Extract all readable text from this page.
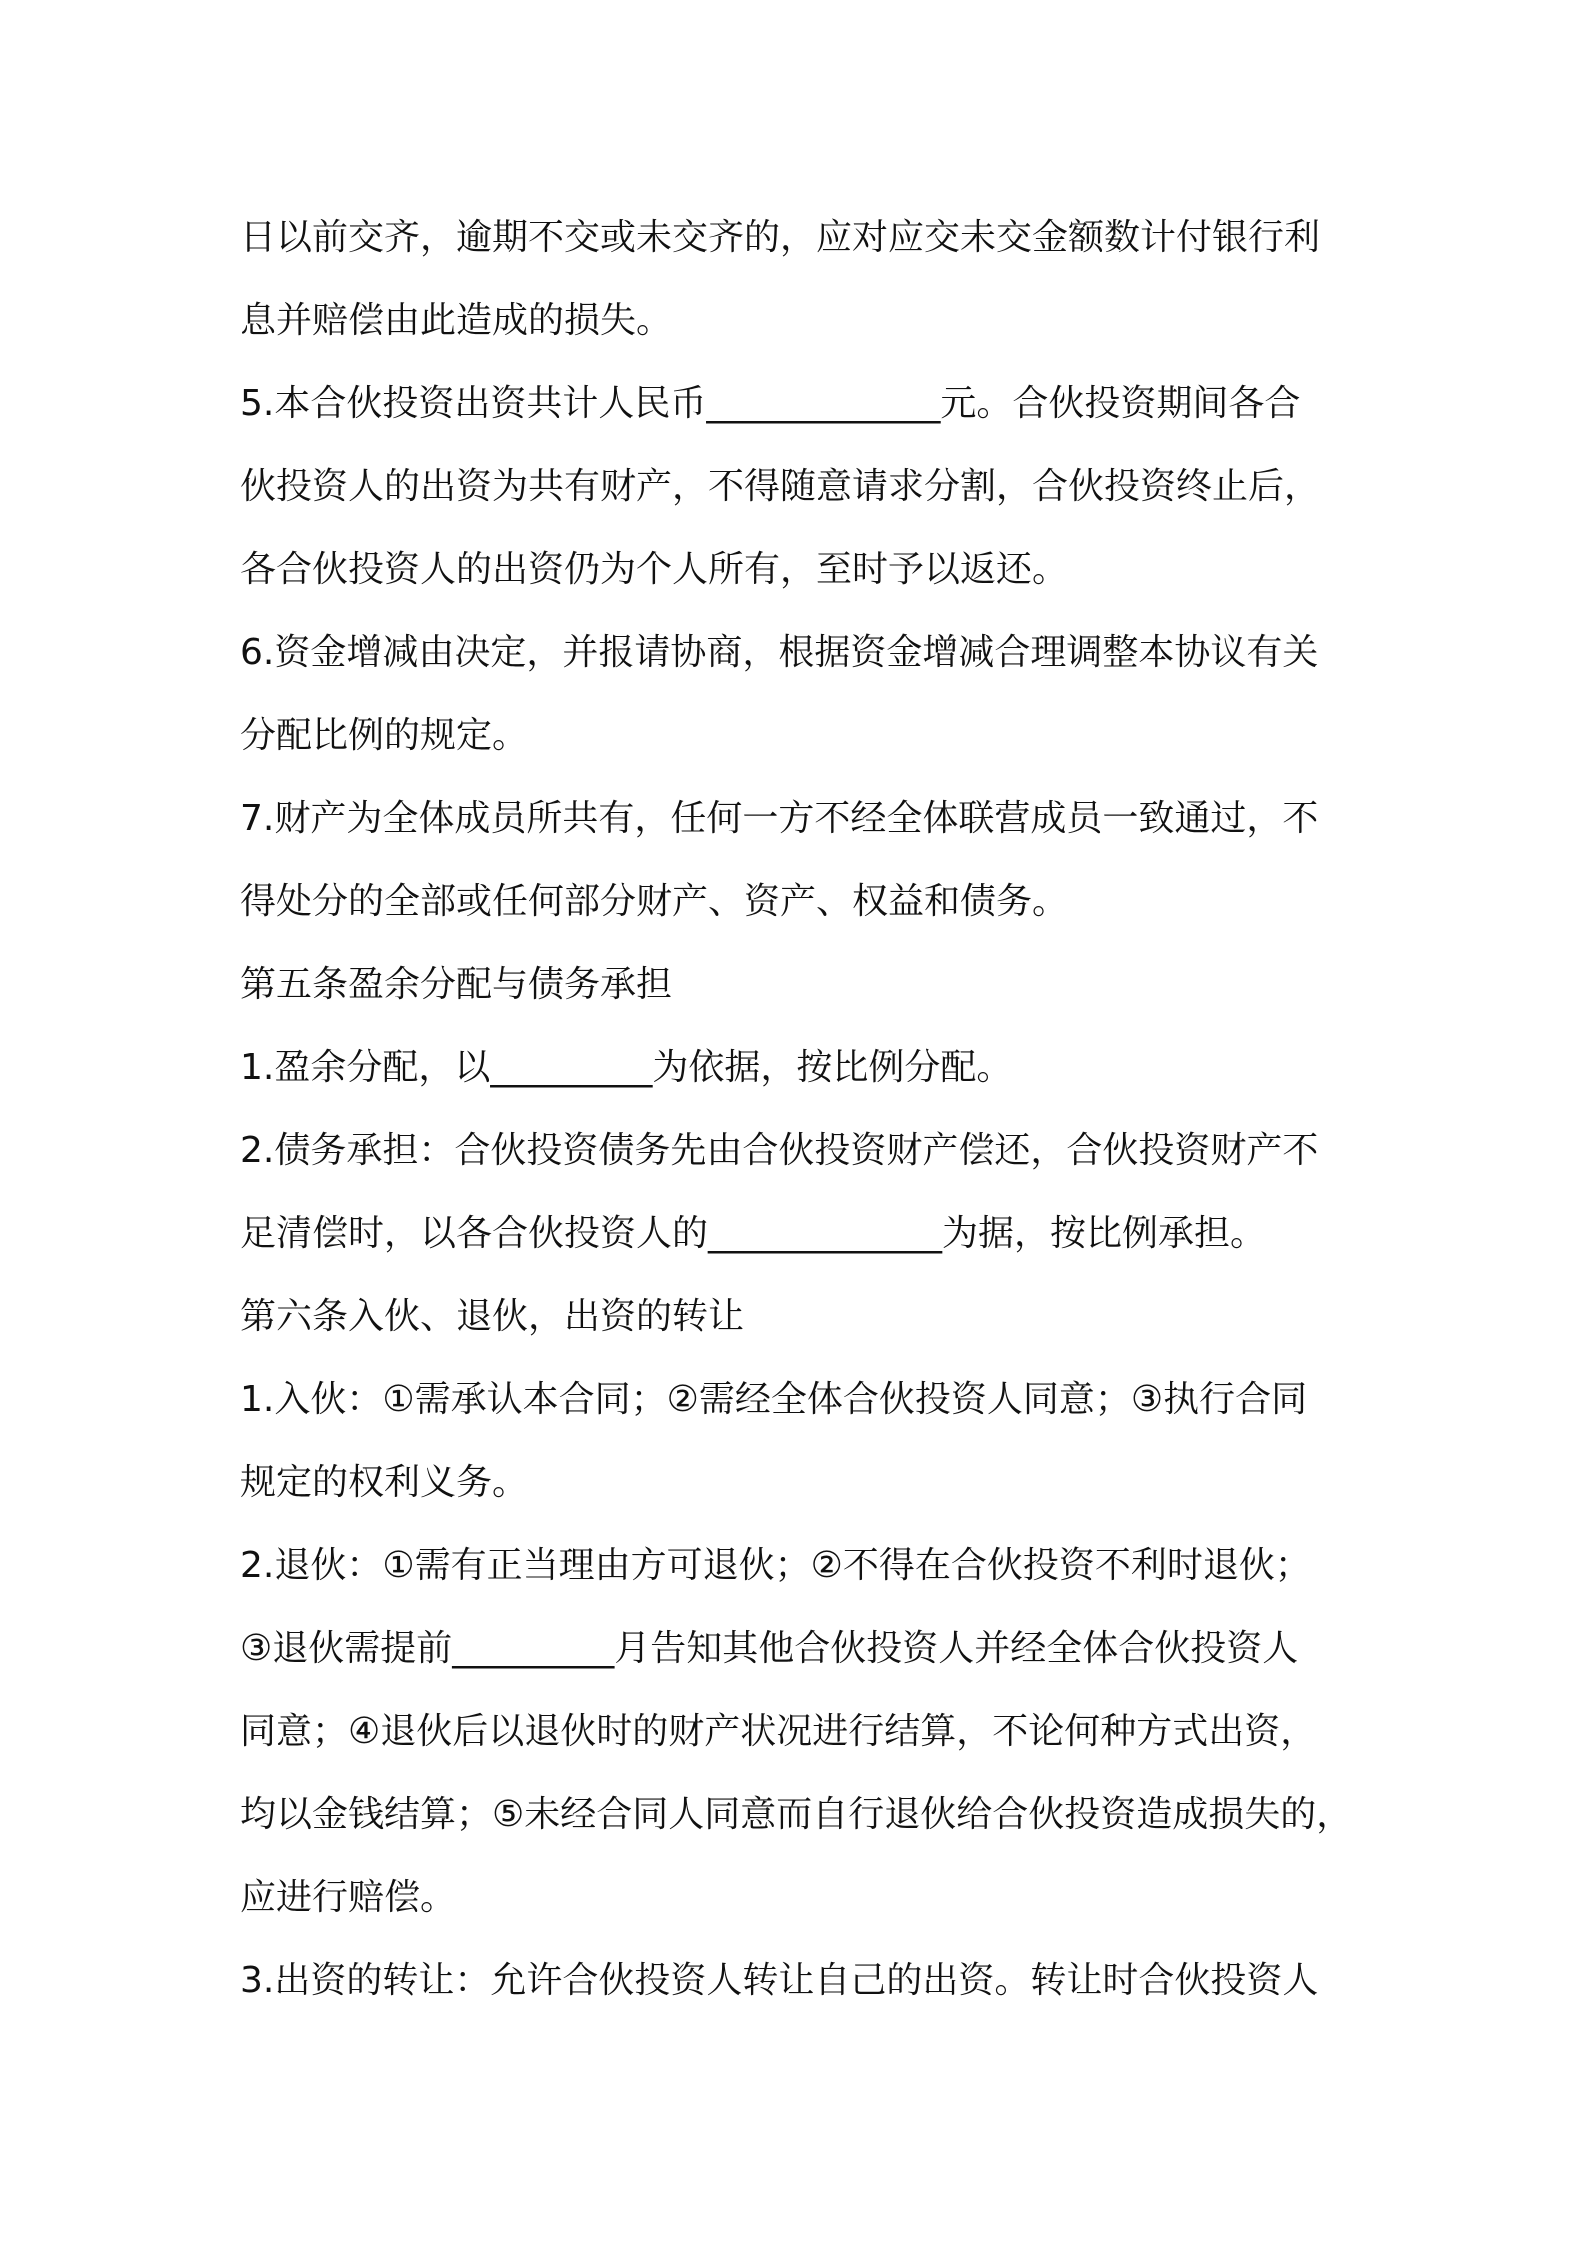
日以前交齐，逾期不交或未交齐的，应对应交未交金额数计付银行利
息并赔偿由此造成的损失。
5.本合伙投资出资共计人民币_____________元。合伙投资期间各合
伙投资人的出资为共有财产，不得随意请求分割，合伙投资终止后，
各合伙投资人的出资仍为个人所有，至时予以返还。
6.资金增减由决定，并报请协商，根据资金增减合理调整本协议有关
分配比例的规定。
7.财产为全体成员所共有，任何一方不经全体联营成员一致通过，不
得处分的全部或任何部分财产、资产、权益和债务。
第五条盈余分配与债务承担
1.盈余分配，以_________为依据，按比例分配。
2.债务承担：合伙投资债务先由合伙投资财产偿还，合伙投资财产不
足清偿时，以各合伙投资人的_____________为据，按比例承担。
第六条入伙、退伙，出资的转让
1.入伙：①需承认本合同；②需经全体合伙投资人同意；③执行合同
规定的权利义务。
2.退伙：①需有正当理由方可退伙；②不得在合伙投资不利时退伙；
③退伙需提前_________月告知其他合伙投资人并经全体合伙投资人
同意；④退伙后以退伙时的财产状况进行结算，不论何种方式出资，
均以金钱结算；⑤未经合同人同意而自行退伙给合伙投资造成损失的，
应进行赔偿。
3.出资的转让：允许合伙投资人转让自己的出资。转让时合伙投资人
